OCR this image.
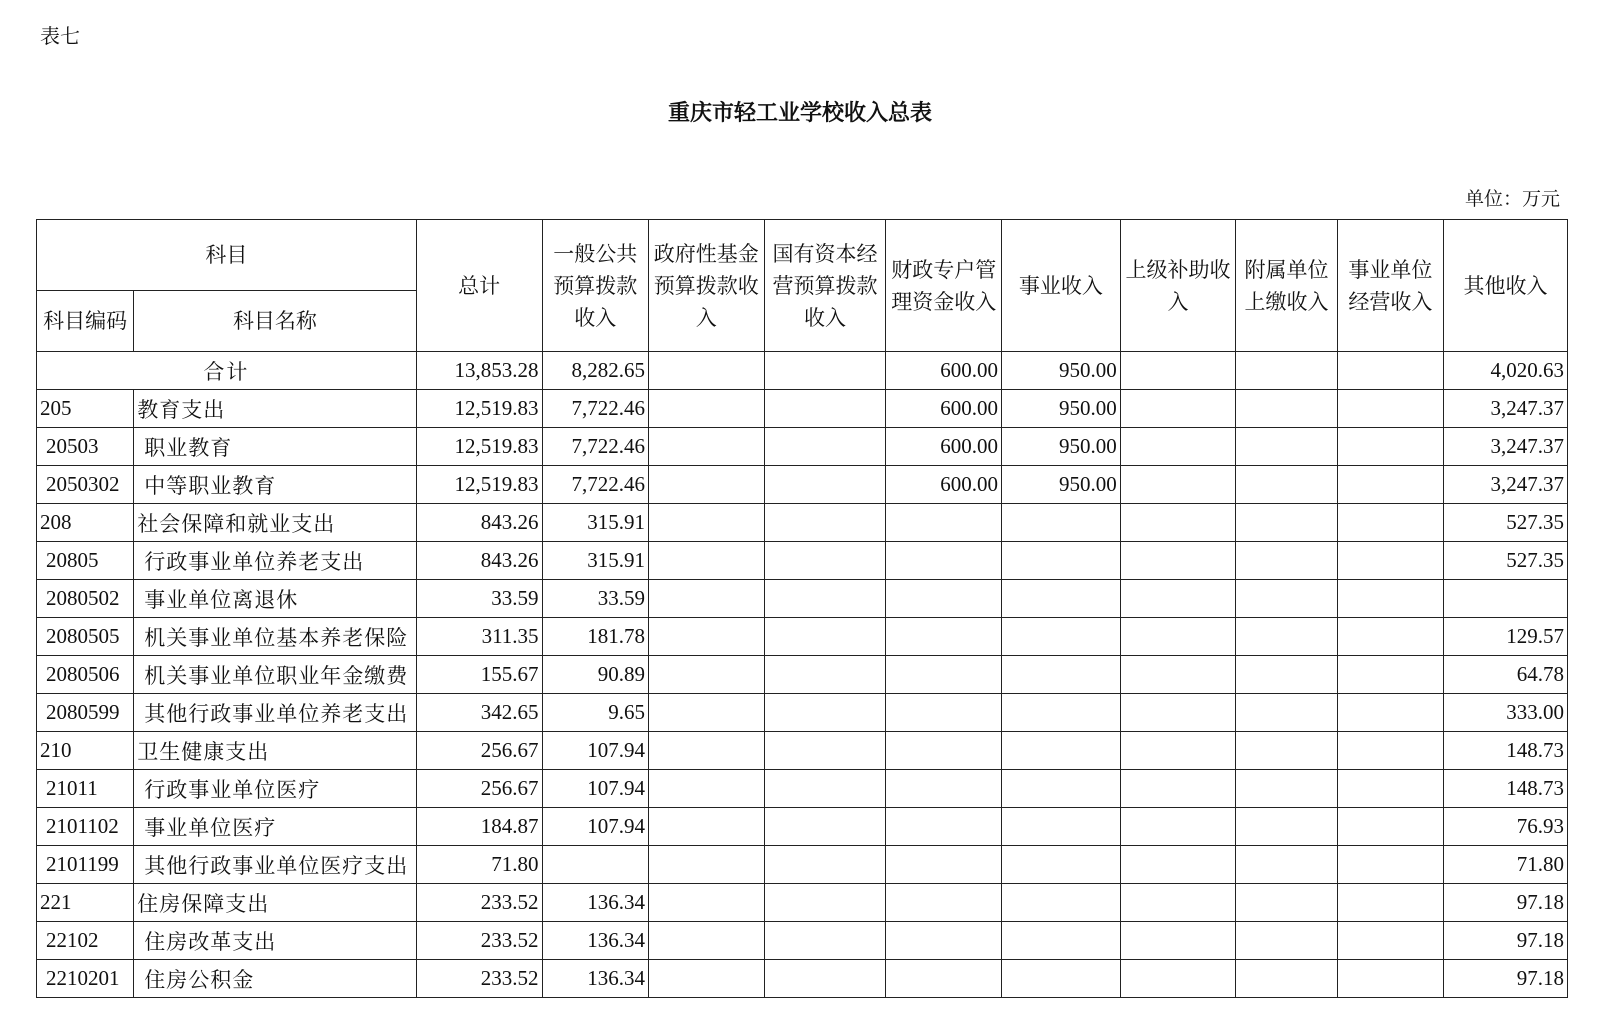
表七
重庆市轻工业学校收入总表
单位：万元
科目		总计	一般公共预算拨款收入	政府性基金预算拨款收入	国有资本经营预算拨款收入	财政专户管理资金收入	事业收入	上级补助收入	附属单位上缴收入	事业单位经营收入	其他收入
科目编码	科目名称										
合计		13,853.28	8,282.65			600.00	950.00				4,020.63
205	教育支出	12,519.83	7,722.46			600.00	950.00				3,247.37
20503	职业教育	12,519.83	7,722.46			600.00	950.00				3,247.37
2050302	中等职业教育	12,519.83	7,722.46			600.00	950.00				3,247.37
208	社会保障和就业支出	843.26	315.91								527.35
20805	行政事业单位养老支出	843.26	315.91								527.35
2080502	事业单位离退休	33.59	33.59								
2080505	机关事业单位基本养老保险	311.35	181.78								129.57
2080506	机关事业单位职业年金缴费	155.67	90.89								64.78
2080599	其他行政事业单位养老支出	342.65	9.65								333.00
210	卫生健康支出	256.67	107.94								148.73
21011	行政事业单位医疗	256.67	107.94								148.73
2101102	事业单位医疗	184.87	107.94								76.93
2101199	其他行政事业单位医疗支出	71.80									71.80
221	住房保障支出	233.52	136.34								97.18
22102	住房改革支出	233.52	136.34								97.18
2210201	住房公积金	233.52	136.34								97.18
